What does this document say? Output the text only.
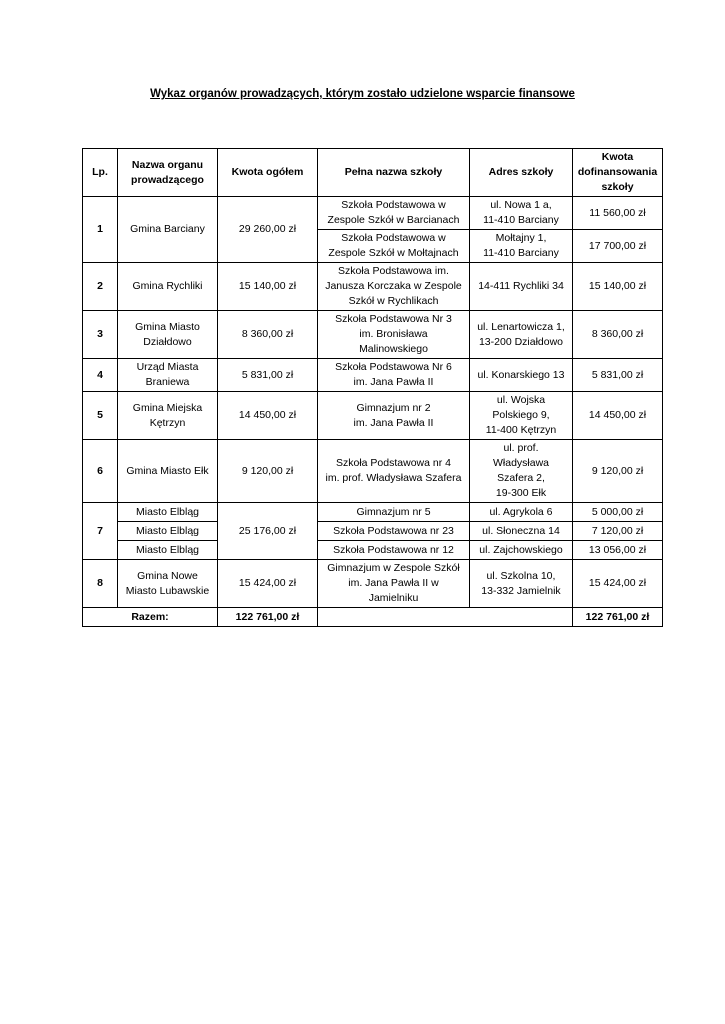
Wykaz organów prowadzących, którym zostało udzielone wsparcie finansowe
Lp.	Nazwa organu
prowadzącego	Kwota ogółem	Pełna nazwa szkoły	Adres szkoły	Kwota
dofinansowania
szkoły
1	Gmina Barciany	29 260,00 zł	Szkoła Podstawowa w
Zespole Szkół w Barcianach	ul. Nowa 1 a,
11-410 Barciany	11 560,00 zł
			Szkoła Podstawowa w
Zespole Szkół w Mołtajnach	Mołtajny 1,
11-410 Barciany	17 700,00 zł
2	Gmina Rychliki	15 140,00 zł	Szkoła Podstawowa im.
Janusza Korczaka w Zespole
Szkół w Rychlikach	14-411 Rychliki 34	15 140,00 zł
3	Gmina Miasto
Działdowo	8 360,00 zł	Szkoła Podstawowa Nr 3
im. Bronisława
Malinowskiego	ul. Lenartowicza 1,
13-200 Działdowo	8 360,00 zł
4	Urząd Miasta
Braniewa	5 831,00 zł	Szkoła Podstawowa Nr 6
im. Jana Pawła II	ul. Konarskiego 13	5 831,00 zł
5	Gmina Miejska
Kętrzyn	14 450,00 zł	Gimnazjum nr 2
im. Jana Pawła II	ul. Wojska
Polskiego 9,
11-400 Kętrzyn	14 450,00 zł
6	Gmina Miasto Ełk	9 120,00 zł	Szkoła Podstawowa nr 4
im. prof. Władysława Szafera	ul. prof.
Władysława
Szafera 2,
19-300 Ełk	9 120,00 zł
7	Miasto Elbląg	25 176,00 zł	Gimnazjum nr 5	ul. Agrykola 6	5 000,00 zł
	Miasto Elbląg		Szkoła Podstawowa nr 23	ul. Słoneczna 14	7 120,00 zł
	Miasto Elbląg		Szkoła Podstawowa nr 12	ul. Zajchowskiego	13 056,00 zł
8	Gmina Nowe
Miasto Lubawskie	15 424,00 zł	Gimnazjum w Zespole Szkół
im. Jana Pawła II w
Jamielniku	ul. Szkolna 10,
13-332 Jamielnik	15 424,00 zł
Razem:		122 761,00 zł			122 761,00 zł
